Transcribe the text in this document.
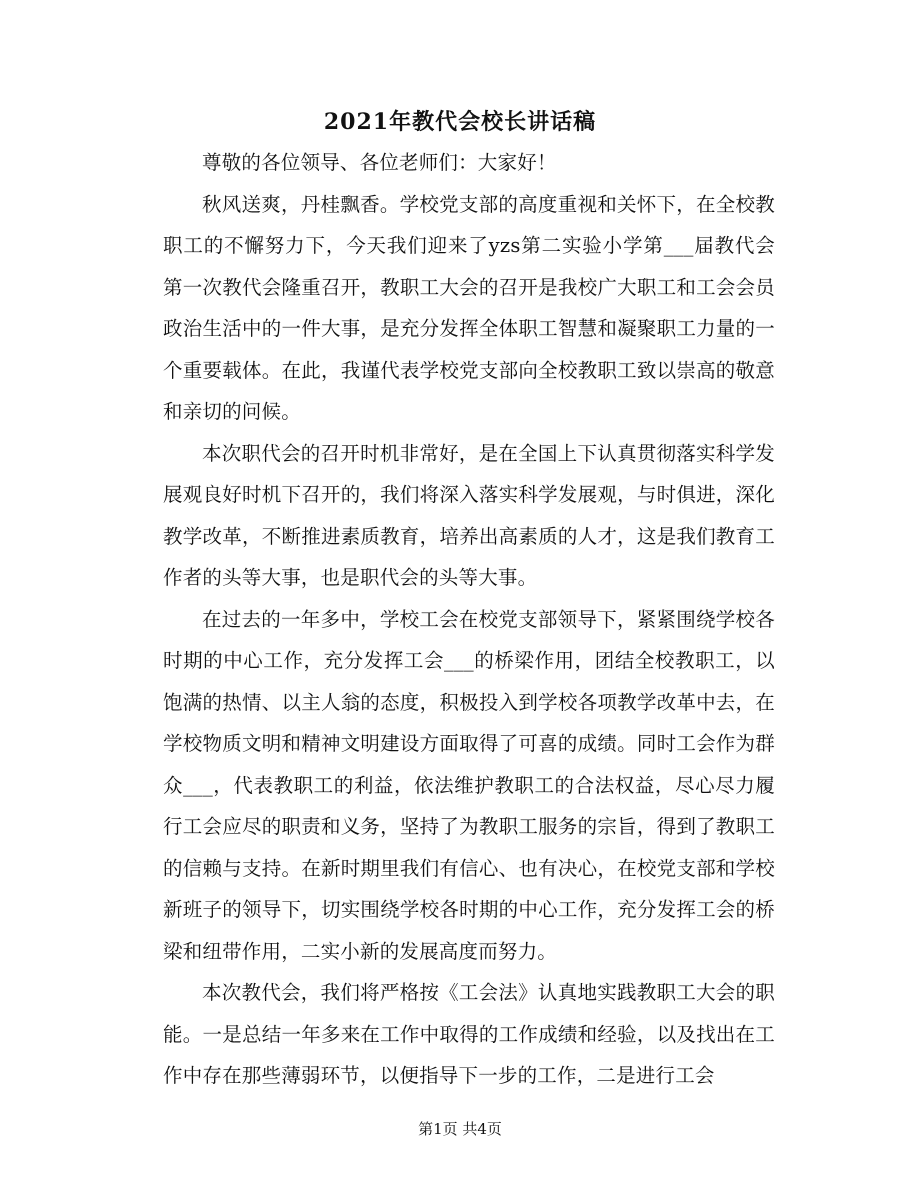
2021年教代会校长讲话稿

尊敬的各位领导、各位老师们：大家好！

秋风送爽，丹桂飘香。学校党支部的高度重视和关怀下，在全校教职工的不懈努力下，今天我们迎来了yzs第二实验小学第___届教代会第一次教代会隆重召开，教职工大会的召开是我校广大职工和工会会员政治生活中的一件大事，是充分发挥全体职工智慧和凝聚职工力量的一个重要载体。在此，我谨代表学校党支部向全校教职工致以崇高的敬意和亲切的问候。

本次职代会的召开时机非常好，是在全国上下认真贯彻落实科学发展观良好时机下召开的，我们将深入落实科学发展观，与时俱进，深化教学改革，不断推进素质教育，培养出高素质的人才，这是我们教育工作者的头等大事，也是职代会的头等大事。

在过去的一年多中，学校工会在校党支部领导下，紧紧围绕学校各时期的中心工作，充分发挥工会___的桥梁作用，团结全校教职工，以饱满的热情、以主人翁的态度，积极投入到学校各项教学改革中去，在学校物质文明和精神文明建设方面取得了可喜的成绩。同时工会作为群众___，代表教职工的利益，依法维护教职工的合法权益，尽心尽力履行工会应尽的职责和义务，坚持了为教职工服务的宗旨，得到了教职工的信赖与支持。在新时期里我们有信心、也有决心，在校党支部和学校新班子的领导下，切实围绕学校各时期的中心工作，充分发挥工会的桥梁和纽带作用，二实小新的发展高度而努力。

本次教代会，我们将严格按《工会法》认真地实践教职工大会的职能。一是总结一年多来在工作中取得的工作成绩和经验，以及找出在工作中存在那些薄弱环节，以便指导下一步的工作，二是进行工会

第1页 共4页
